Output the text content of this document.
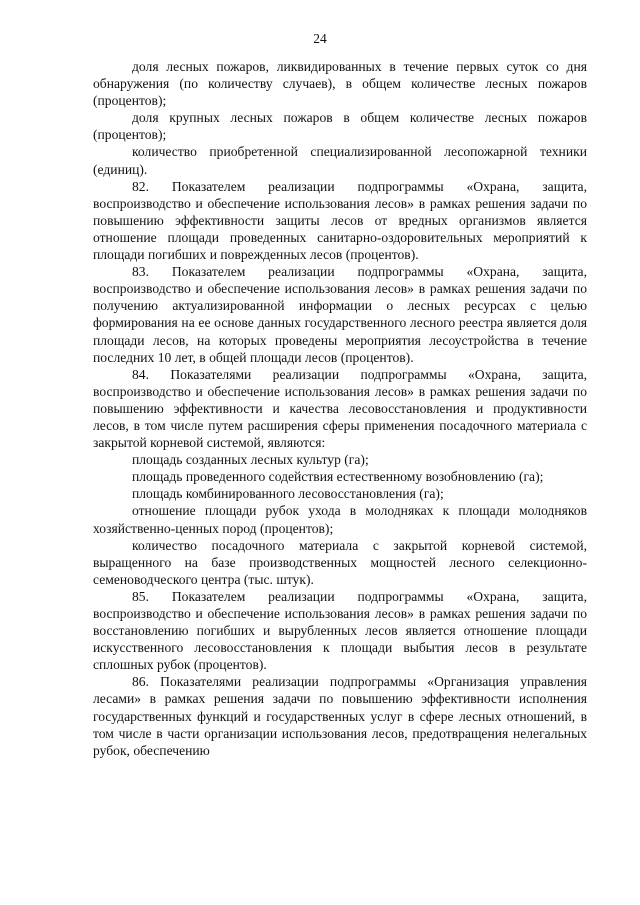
24

доля лесных пожаров, ликвидированных в течение первых суток со дня обнаружения (по количеству случаев), в общем количестве лесных пожаров (процентов);

доля крупных лесных пожаров в общем количестве лесных пожаров (процентов);

количество приобретенной специализированной лесопожарной техники (единиц).

82. Показателем реализации подпрограммы «Охрана, защита, воспроизводство и обеспечение использования лесов» в рамках решения задачи по повышению эффективности защиты лесов от вредных организмов является отношение площади проведенных санитарно-оздоровительных мероприятий к площади погибших и поврежденных лесов (процентов).

83. Показателем реализации подпрограммы «Охрана, защита, воспроизводство и обеспечение использования лесов» в рамках решения задачи по получению актуализированной информации о лесных ресурсах с целью формирования на ее основе данных государственного лесного реестра является доля площади лесов, на которых проведены мероприятия лесоустройства в течение последних 10 лет, в общей площади лесов (процентов).

84. Показателями реализации подпрограммы «Охрана, защита, воспроизводство и обеспечение использования лесов» в рамках решения задачи по повышению эффективности и качества лесовосстановления и продуктивности лесов, в том числе путем расширения сферы применения посадочного материала с закрытой корневой системой, являются:

площадь созданных лесных культур (га);

площадь проведенного содействия естественному возобновлению (га);

площадь комбинированного лесовосстановления (га);

отношение площади рубок ухода в молодняках к площади молодняков хозяйственно-ценных пород (процентов);

количество посадочного материала с закрытой корневой системой, выращенного на базе производственных мощностей лесного селекционно-семеноводческого центра (тыс. штук).

85. Показателем реализации подпрограммы «Охрана, защита, воспроизводство и обеспечение использования лесов» в рамках решения задачи по восстановлению погибших и вырубленных лесов является отношение площади искусственного лесовосстановления к площади выбытия лесов в результате сплошных рубок (процентов).

86. Показателями реализации подпрограммы «Организация управления лесами» в рамках решения задачи по повышению эффективности исполнения государственных функций и государственных услуг в сфере лесных отношений, в том числе в части организации использования лесов, предотвращения нелегальных рубок, обеспечению
